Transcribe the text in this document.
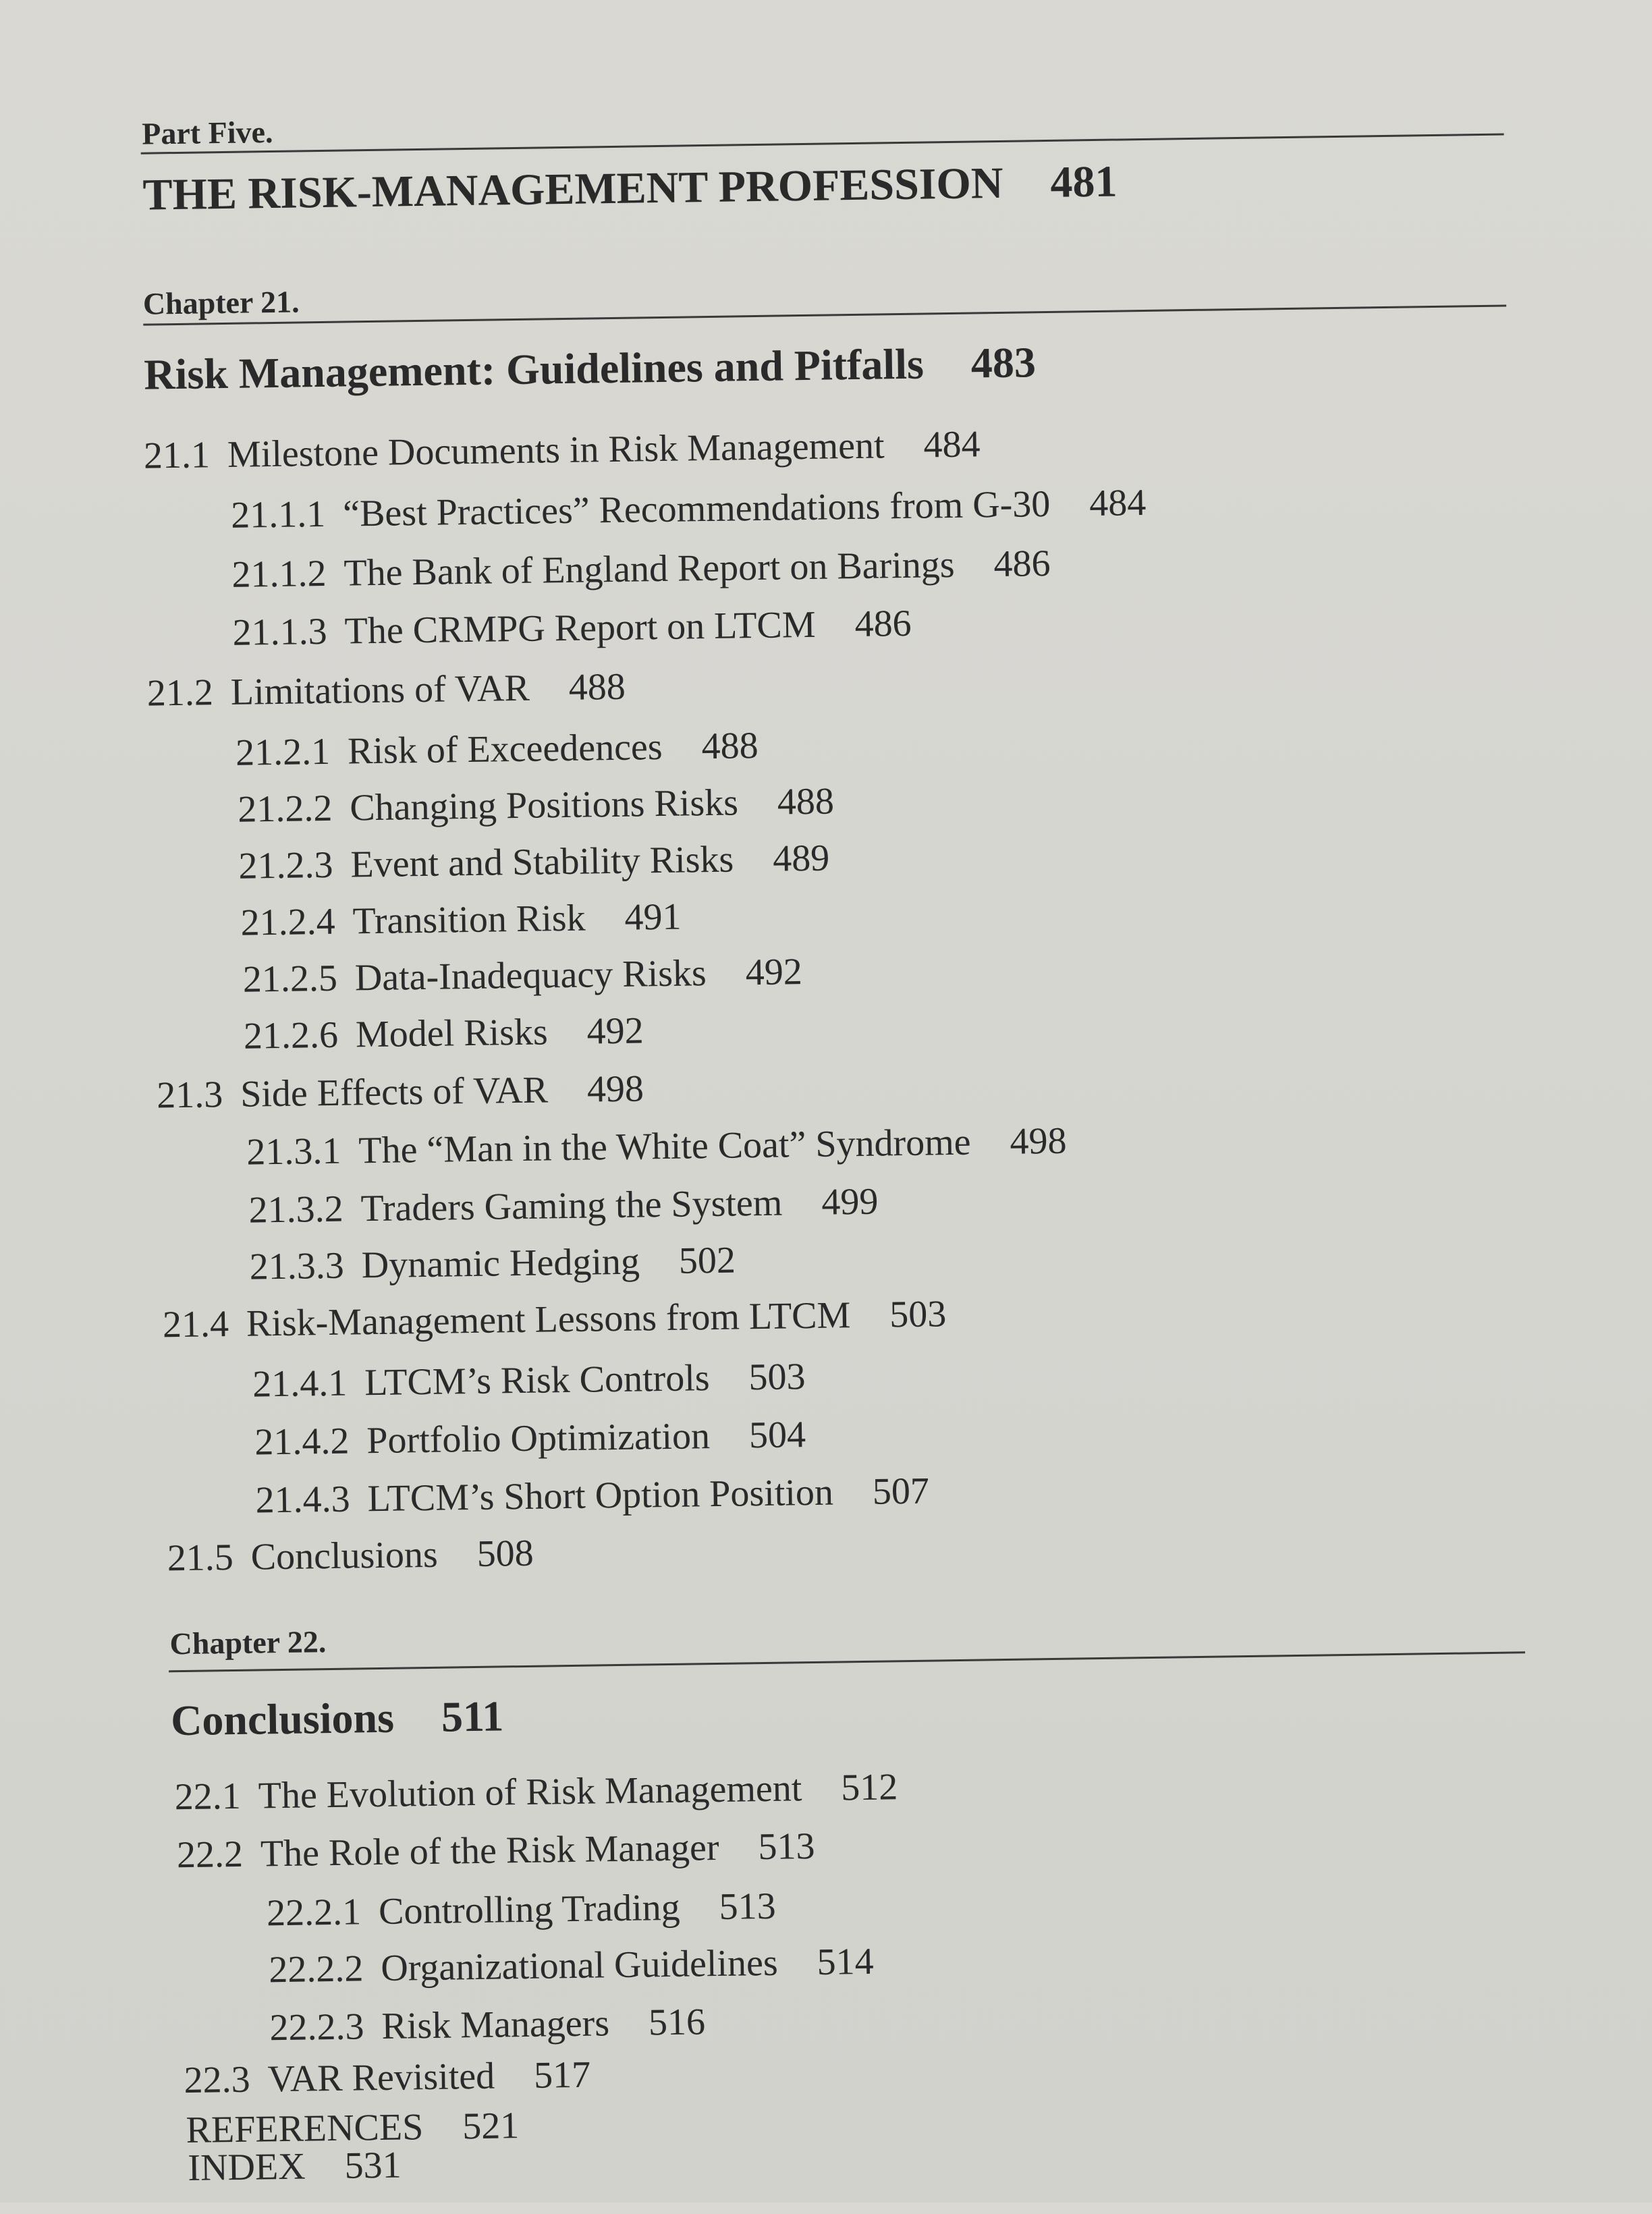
Part Five.
THE RISK-MANAGEMENT PROFESSION 481
Chapter 21.
Risk Management: Guidelines and Pitfalls 483
21.1 Milestone Documents in Risk Management 484
21.1.1 “Best Practices” Recommendations from G-30 484
21.1.2 The Bank of England Report on Barings 486
21.1.3 The CRMPG Report on LTCM 486
21.2 Limitations of VAR 488
21.2.1 Risk of Exceedences 488
21.2.2 Changing Positions Risks 488
21.2.3 Event and Stability Risks 489
21.2.4 Transition Risk 491
21.2.5 Data-Inadequacy Risks 492
21.2.6 Model Risks 492
21.3 Side Effects of VAR 498
21.3.1 The “Man in the White Coat” Syndrome 498
21.3.2 Traders Gaming the System 499
21.3.3 Dynamic Hedging 502
21.4 Risk-Management Lessons from LTCM 503
21.4.1 LTCM’s Risk Controls 503
21.4.2 Portfolio Optimization 504
21.4.3 LTCM’s Short Option Position 507
21.5 Conclusions 508
Chapter 22.
Conclusions 511
22.1 The Evolution of Risk Management 512
22.2 The Role of the Risk Manager 513
22.2.1 Controlling Trading 513
22.2.2 Organizational Guidelines 514
22.2.3 Risk Managers 516
22.3 VAR Revisited 517
REFERENCES 521
INDEX 531
